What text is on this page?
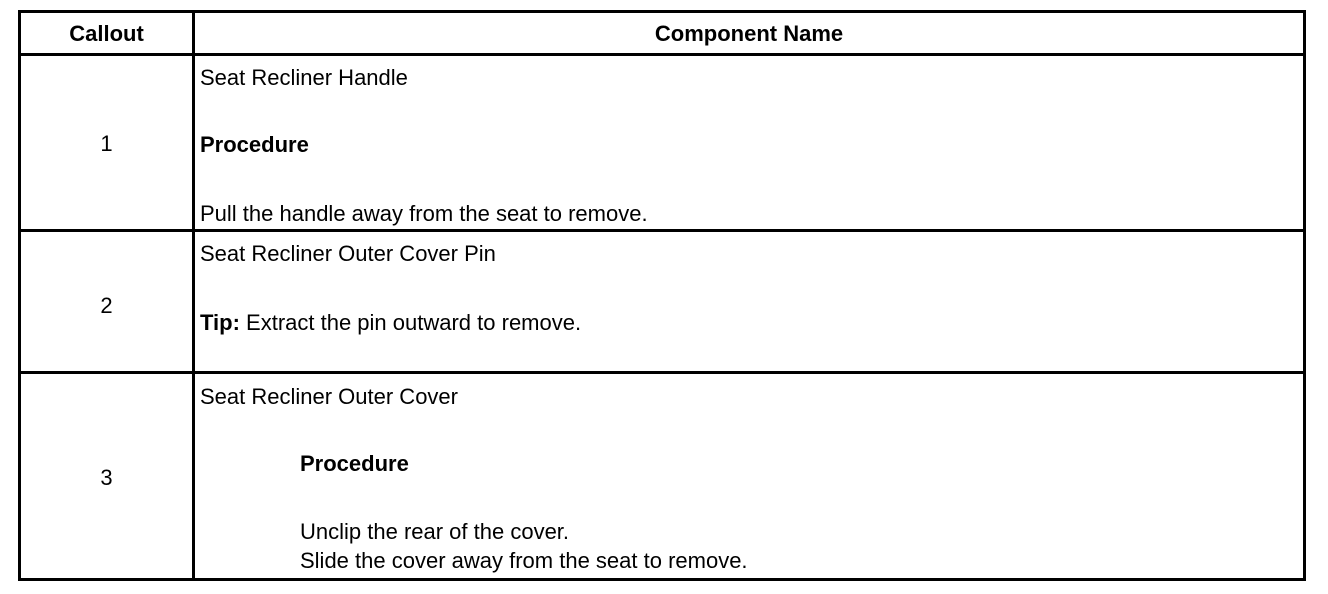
Callout	Component Name
1
Seat Recliner Handle
Procedure
Pull the handle away from the seat to remove.
2
Seat Recliner Outer Cover Pin
Tip: Extract the pin outward to remove.
3
Seat Recliner Outer Cover
Procedure
Unclip the rear of the cover.
Slide the cover away from the seat to remove.
